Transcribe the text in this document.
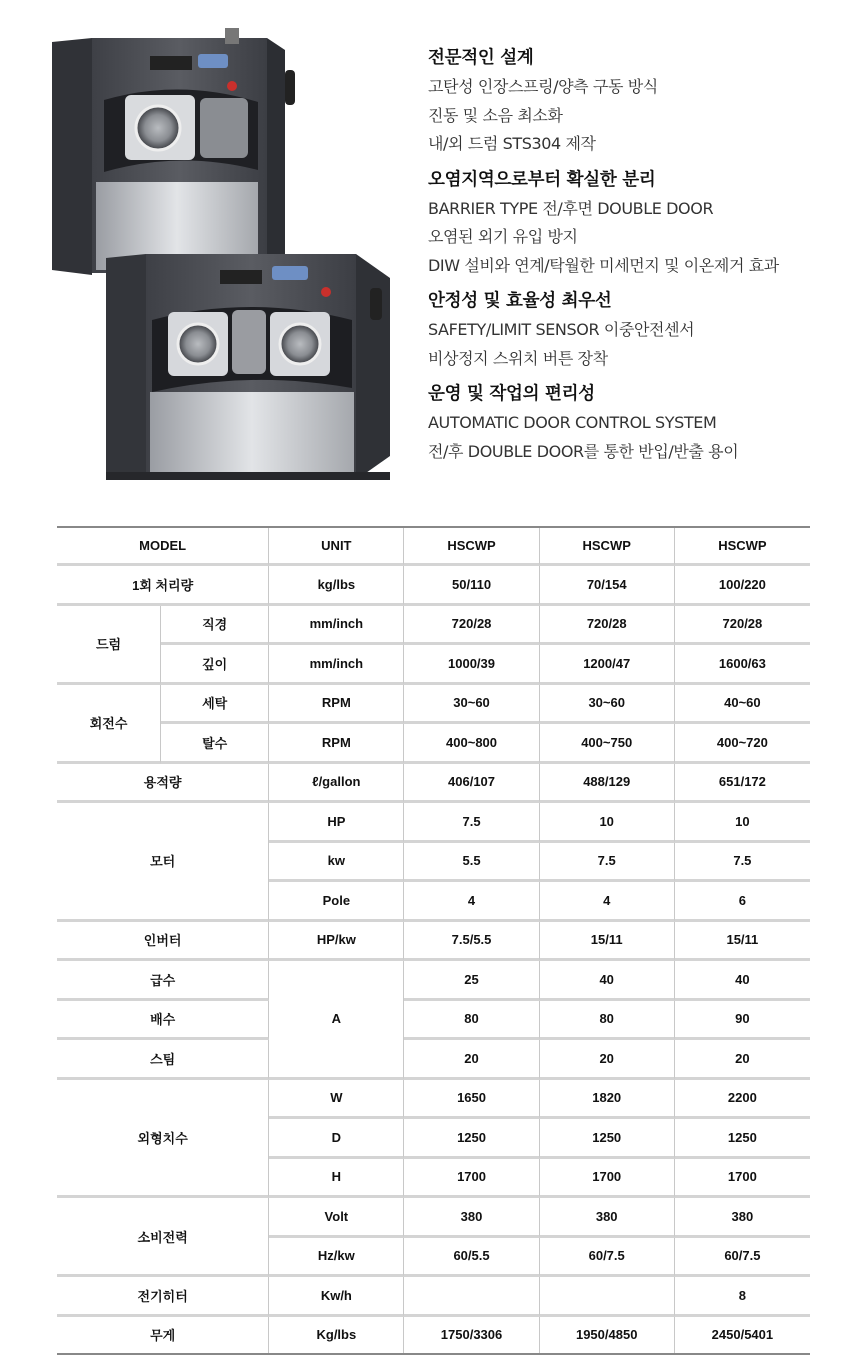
전문적인 설계
고탄성 인장스프링/양측 구동 방식
진동 및 소음 최소화
내/외 드럼 STS304 제작
오염지역으로부터 확실한 분리
BARRIER TYPE 전/후면 DOUBLE DOOR
오염된 외기 유입 방지
DIW 설비와 연계/탁월한 미세먼지 및 이온제거 효과
안정성 및 효율성 최우선
SAFETY/LIMIT SENSOR 이중안전센서
비상정지 스위치 버튼 장착
운영 및 작업의 편리성
AUTOMATIC DOOR CONTROL SYSTEM
전/후 DOUBLE DOOR를 통한 반입/반출 용이
MODEL		UNIT	HSCWP	HSCWP	HSCWP
1회 처리량		kg/lbs	50/110	70/154	100/220
드럼	직경	mm/inch	720/28	720/28	720/28
	깊이	mm/inch	1000/39	1200/47	1600/63
회전수	세탁	RPM	30~60	30~60	40~60
	탈수	RPM	400~800	400~750	400~720
용적량		ℓ/gallon	406/107	488/129	651/172
모터		HP	7.5	10	10
		kw	5.5	7.5	7.5
		Pole	4	4	6
인버터		HP/kw	7.5/5.5	15/11	15/11
급수		A	25	40	40
배수			80	80	90
스팀			20	20	20
외형치수		W	1650	1820	2200
		D	1250	1250	1250
		H	1700	1700	1700
소비전력		Volt	380	380	380
		Hz/kw	60/5.5	60/7.5	60/7.5
전기히터		Kw/h			8
무게		Kg/lbs	1750/3306	1950/4850	2450/5401
